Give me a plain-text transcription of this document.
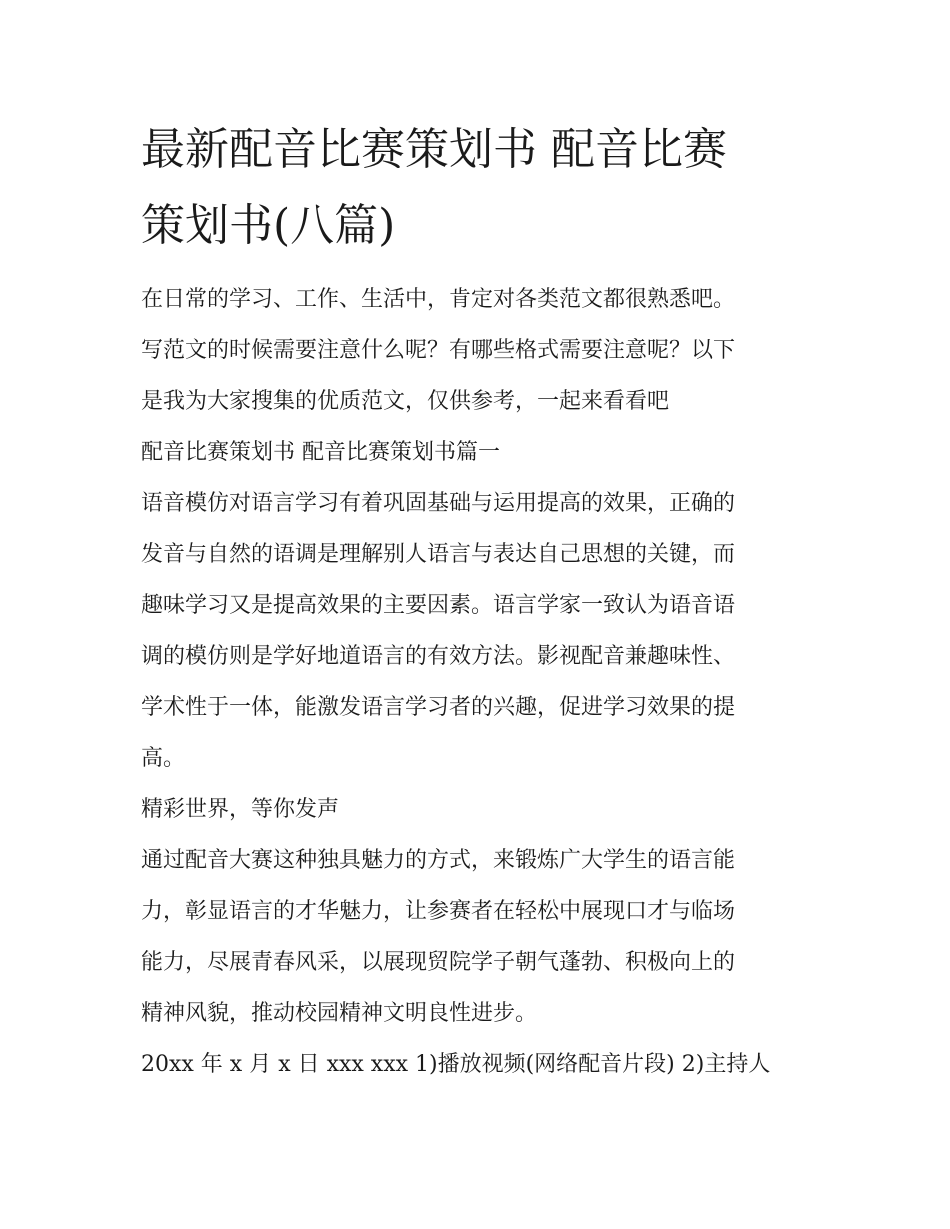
最新配音比赛策划书 配音比赛
策划书(八篇)

在日常的学习、工作、生活中，肯定对各类范文都很熟悉吧。
写范文的时候需要注意什么呢？有哪些格式需要注意呢？以下
是我为大家搜集的优质范文，仅供参考，一起来看看吧

配音比赛策划书 配音比赛策划书篇一

语音模仿对语言学习有着巩固基础与运用提高的效果，正确的
发音与自然的语调是理解别人语言与表达自己思想的关键，而
趣味学习又是提高效果的主要因素。语言学家一致认为语音语
调的模仿则是学好地道语言的有效方法。影视配音兼趣味性、
学术性于一体，能激发语言学习者的兴趣，促进学习效果的提
高。

精彩世界，等你发声

通过配音大赛这种独具魅力的方式，来锻炼广大学生的语言能
力，彰显语言的才华魅力，让参赛者在轻松中展现口才与临场
能力，尽展青春风采，以展现贸院学子朝气蓬勃、积极向上的
精神风貌，推动校园精神文明良性进步。

20xx 年 x 月 x 日 xxx xxx 1)播放视频(网络配音片段) 2)主持人
